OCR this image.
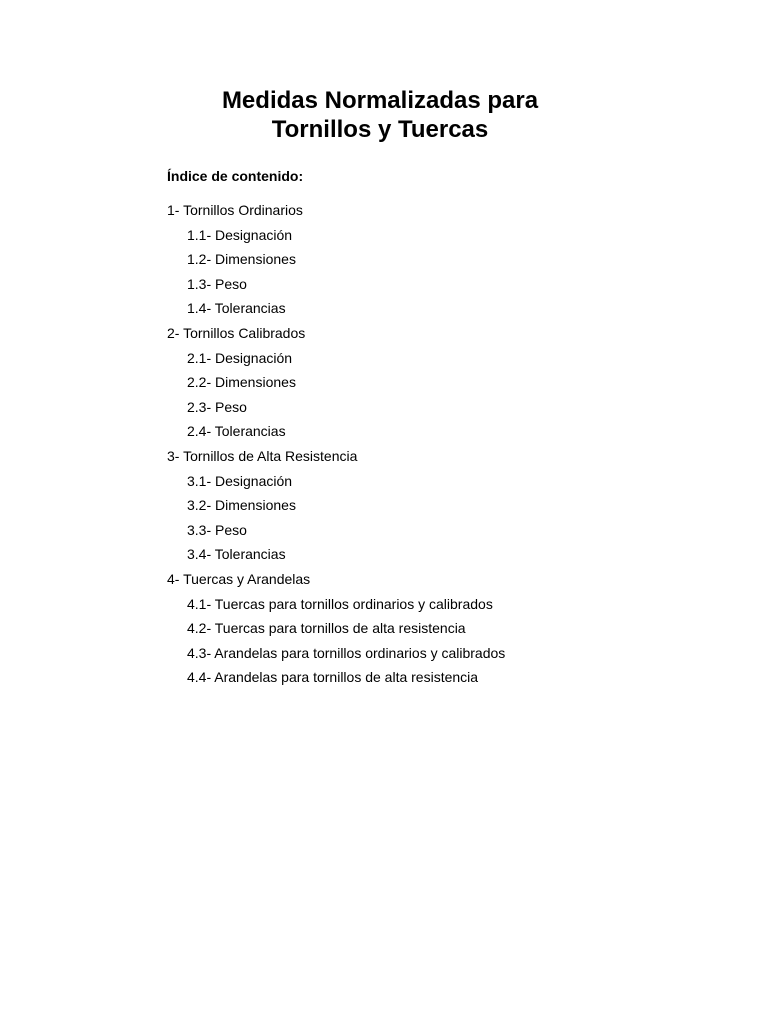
Medidas Normalizadas para
Tornillos y Tuercas

Índice de contenido:

1- Tornillos Ordinarios
1.1- Designación
1.2- Dimensiones
1.3- Peso
1.4- Tolerancias
2- Tornillos Calibrados
2.1- Designación
2.2- Dimensiones
2.3- Peso
2.4- Tolerancias
3- Tornillos de Alta Resistencia
3.1- Designación
3.2- Dimensiones
3.3- Peso
3.4- Tolerancias
4- Tuercas y Arandelas
4.1- Tuercas para tornillos ordinarios y calibrados
4.2- Tuercas para tornillos de alta resistencia
4.3- Arandelas para tornillos ordinarios y calibrados
4.4- Arandelas para tornillos de alta resistencia
